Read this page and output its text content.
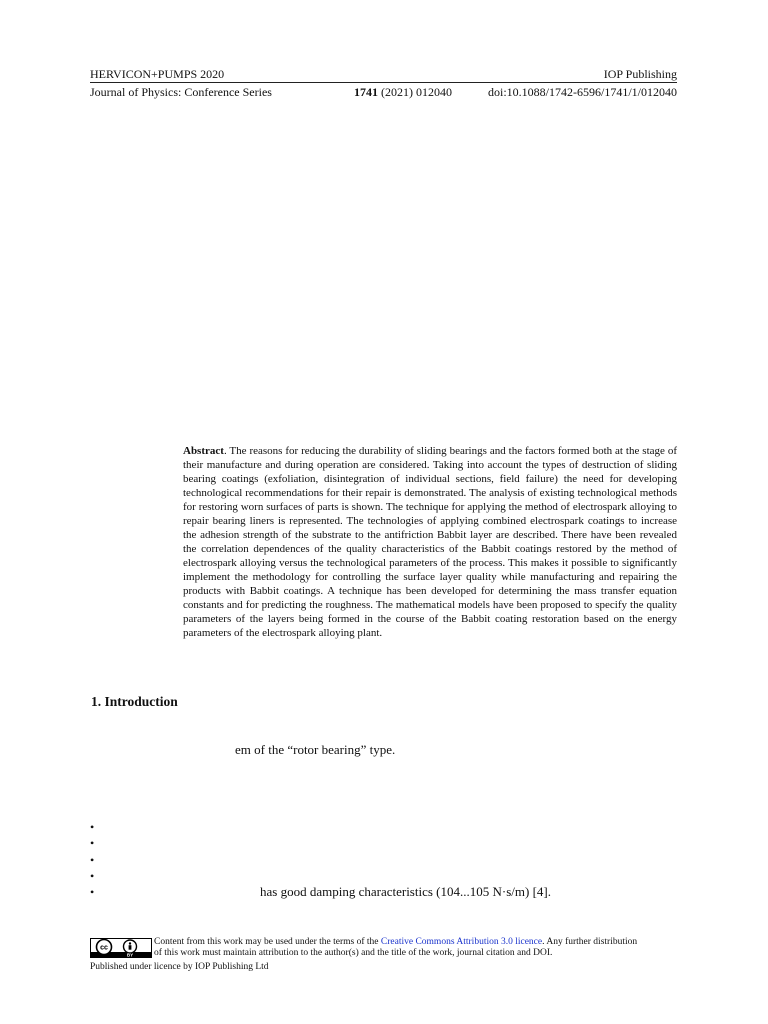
HERVICON+PUMPS 2020	IOP Publishing
Journal of Physics: Conference Series	1741 (2021) 012040	doi:10.1088/1742-6596/1741/1/012040
Abstract. The reasons for reducing the durability of sliding bearings and the factors formed both at the stage of their manufacture and during operation are considered. Taking into account the types of destruction of sliding bearing coatings (exfoliation, disintegration of individual sections, field failure) the need for developing technological recommendations for their repair is demonstrated. The analysis of existing technological methods for restoring worn surfaces of parts is shown. The technique for applying the method of electrospark alloying to repair bearing liners is represented. The technologies of applying combined electrospark coatings to increase the adhesion strength of the substrate to the antifriction Babbit layer are described. There have been revealed the correlation dependences of the quality characteristics of the Babbit coatings restored by the method of electrospark alloying versus the technological parameters of the process. This makes it possible to significantly implement the methodology for controlling the surface layer quality while manufacturing and repairing the products with Babbit coatings. A technique has been developed for determining the mass transfer equation constants and for predicting the roughness. The mathematical models have been proposed to specify the quality parameters of the layers being formed in the course of the Babbit coating restoration based on the energy parameters of the electrospark alloying plant.
1. Introduction
em of the “rotor bearing” type.
•
•
•
•
•	has good damping characteristics (104...105 N·s/m) [4].
cc
BY
Content from this work may be used under the terms of the Creative Commons Attribution 3.0 licence. Any further distribution
of this work must maintain attribution to the author(s) and the title of the work, journal citation and DOI.
Published under licence by IOP Publishing Ltd
